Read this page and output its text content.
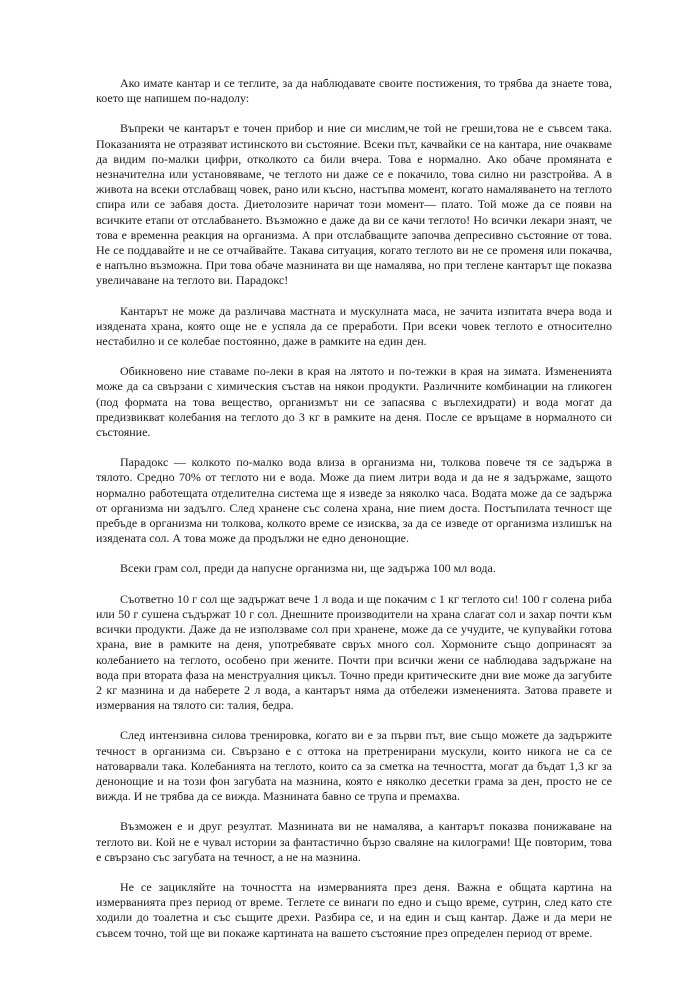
Ако имате кантар и се теглите, за да наблюдавате своите постижения, то трябва да знаете това, което ще напишем по-надолу:

Въпреки че кантарът е точен прибор и ние си мислим,че той не греши,това не е съвсем така. Показанията не отразяват истинското ви състояние. Всеки път, качвайки се на кантара, ние очакваме да видим по-малки цифри, отколкото са били вчера. Това е нормално. Ако обаче промяната е незначителна или установяваме, че теглото ни даже се е покачило, това силно ни разстройва. А в живота на всеки отслабващ човек, рано или късно, настъпва момент, когато намаляването на теглото спира или се забавя доста. Диетолозите наричат този момент— плато. Той може да се появи на всичките етапи от отслабването. Възможно е даже да ви се качи теглото! Но всички лекари знаят, че това е временна реакция на организма. А при отслабващите започва депресивно състояние от това. Не се поддавайте и не се отчайвайте. Такава ситуация, когато теглото ви не се променя или покачва, е напълно възможна. При това обаче мазнината ви ще намалява, но при теглене кантарът ще показва увеличаване на теглото ви. Парадокс!

Кантарът не може да различава мастната и мускулната маса, не зачита изпитата вчера вода и изядената храна, която още не е успяла да се преработи. При всеки човек теглото е относително нестабилно и се колебае постоянно, даже в рамките на един ден.

Обикновено ние ставаме по-леки в края на лятото и по-тежки в края на зимата. Измененията може да са свързани с химическия състав на някои продукти. Различните комбинации на гликоген (под формата на това вещество, организмът ни се запасява с въглехидрати) и вода могат да предизвикват колебания на теглото до 3 кг в рамките на деня. После се връщаме в нормалното си състояние.

Парадокс — колкото по-малко вода влиза в организма ни, толкова повече тя се задържа в тялото. Средно 70% от теглото ни е вода. Може да пием литри вода и да не я задържаме, защото нормално работещата отделителна система ще я изведе за няколко часа. Водата може да се задържа от организма ни задълго. След хранене със солена храна, ние пием доста. Постъпилата течност ще пребъде в организма ни толкова, колкото време се изисква, за да се изведе от организма излишък на изядената сол. А това може да продължи не едно денонощие.

Всеки грам сол, преди да напусне организма ни, ще задържа 100 мл вода.

Съответно 10 г сол ще задържат вече 1 л вода и ще покачим с 1 кг теглото си! 100 г солена риба или 50 г сушена съдържат 10 г сол. Днешните производители на храна слагат сол и захар почти към всички продукти. Даже да не използваме сол при хранене, може да се учудите, че купувайки готова храна, вие в рамките на деня, употребявате свръх много сол. Хормоните също допринасят за колебанието на теглото, особено при жените. Почти при всички жени се наблюдава задържане на вода при втората фаза на менструалния цикъл. Точно преди критическите дни вие може да загубите 2 кг мазнина и да наберете 2 л вода, а кантарът няма да отбележи измененията. Затова правете и измервания на тялото си: талия, бедра.

След интензивна силова тренировка, когато ви е за първи път, вие също можете да задържите течност в организма си. Свързано е с оттока на претренирани мускули, които никога не са се натоварвали така. Колебанията на теглото, които са за сметка на течността, могат да бъдат 1,3 кг за денонощие и на този фон загубата на мазнина, която е няколко десетки грама за ден, просто не се вижда. И не трябва да се вижда. Мазнината бавно се трупа и премахва.

Възможен е и друг резултат. Мазнината ви не намалява, а кантарът показва понижаване на теглото ви. Кой не е чувал истории за фантастично бързо сваляне на килограми! Ще повторим, това е свързано със загубата на течност, а не на мазнина.

Не се зацикляйте на точността на измерванията през деня. Важна е общата картина на измерванията през период от време. Теглете се винаги по едно и също време, сутрин, след като сте ходили до тоалетна и със същите дрехи. Разбира се, и на един и същ кантар. Даже и да мери не съвсем точно, той ще ви покаже картината на вашето състояние през определен период от време.
